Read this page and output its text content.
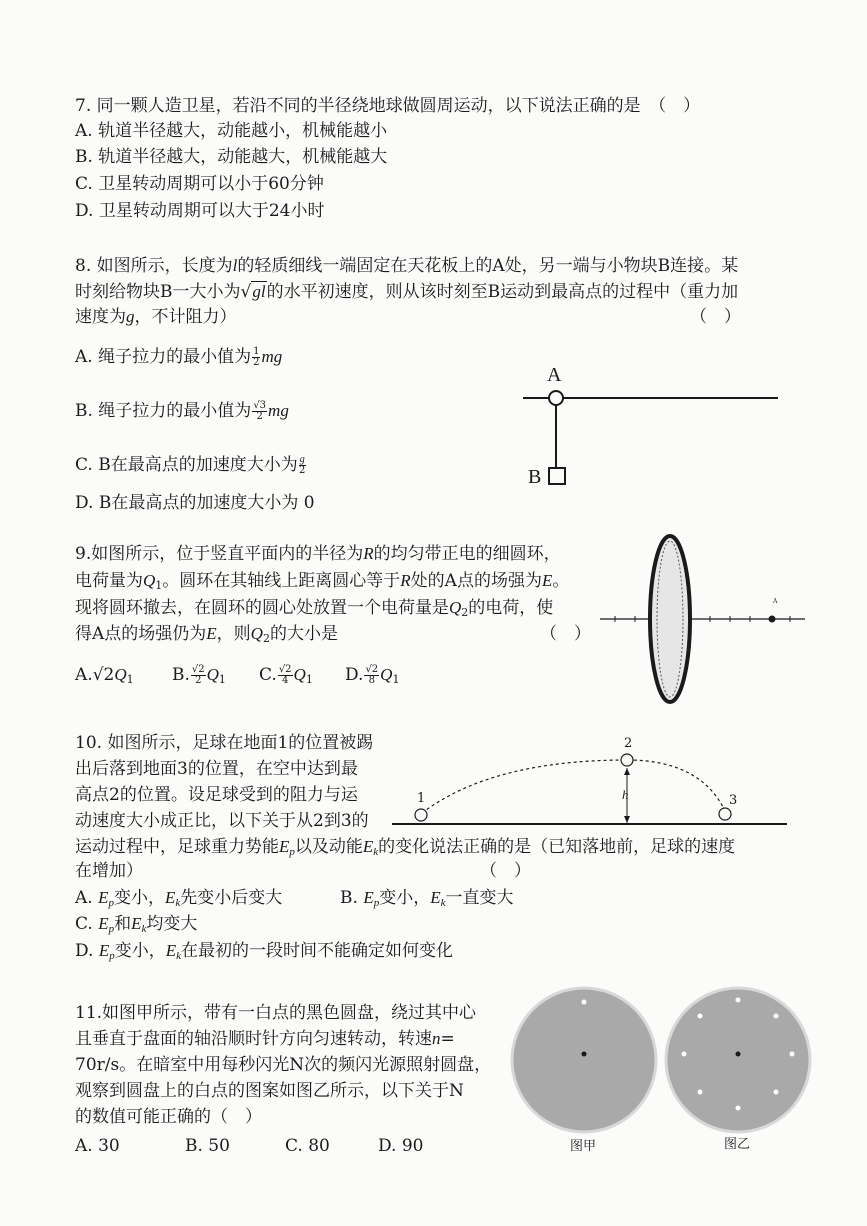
7. 同一颗人造卫星，若沿不同的半径绕地球做圆周运动，以下说法正确的是　（　）
A. 轨道半径越大，动能越小，机械能越小
B. 轨道半径越大，动能越大，机械能越大
C. 卫星转动周期可以小于60分钟
D. 卫星转动周期可以大于24小时
8. 如图所示，长度为l的轻质细线一端固定在天花板上的A处，另一端与小物块B连接。某
时刻给物块B一大小为√gl的水平初速度，则从该时刻至B运动到最高点的过程中（重力加
速度为g，不计阻力）	（　）
A. 绳子拉力的最小值为 $\frac{1}{2}$ mg
B. 绳子拉力的最小值为 $\frac{√3}{2}$ mg
C. B在最高点的加速度大小为 $\frac{g}{2}$
D. B在最高点的加速度大小为 0
A
B
9.如图所示，位于竖直平面内的半径为R的均匀带正电的细圆环，
电荷量为$Q_1$。圆环在其轴线上距离圆心等于R处的A点的场强为E。
现将圆环撤去，在圆环的圆心处放置一个电荷量是$Q_2$的电荷，使
得A点的场强仍为E，则$Q_2$的大小是	（　）
$A.√2Q_1$ B. $\frac{√2}{2} Q_1$ C. $\frac{√2}{4} Q_1$ D. $\frac{√2}{8} Q_1$
A
10. 如图所示，足球在地面1的位置被踢
出后落到地面3的位置，在空中达到最
高点2的位置。设足球受到的阻力与运
动速度大小成正比，以下关于从2到3的
运动过程中，足球重力势能$E_p$以及动能$E_k$的变化说法正确的是（已知落地前，足球的速度
在增加）	（　）
A. $E_p$变小，$E_k$先变小后变大	B. $E_p$变小，$E_k$一直变大
C. $E_p$和$E_k$均变大
D. $E_p$变小，$E_k$在最初的一段时间不能确定如何变化
1
2
3
h
11.如图甲所示，带有一白点的黑色圆盘，绕过其中心
且垂直于盘面的轴沿顺时针方向匀速转动，转速n=
70r/s。在暗室中用每秒闪光N次的频闪光源照射圆盘，
观察到圆盘上的白点的图案如图乙所示，以下关于N
的数值可能正确的（　）
A. 30	B. 50	C. 80	D. 90	图甲	图乙
